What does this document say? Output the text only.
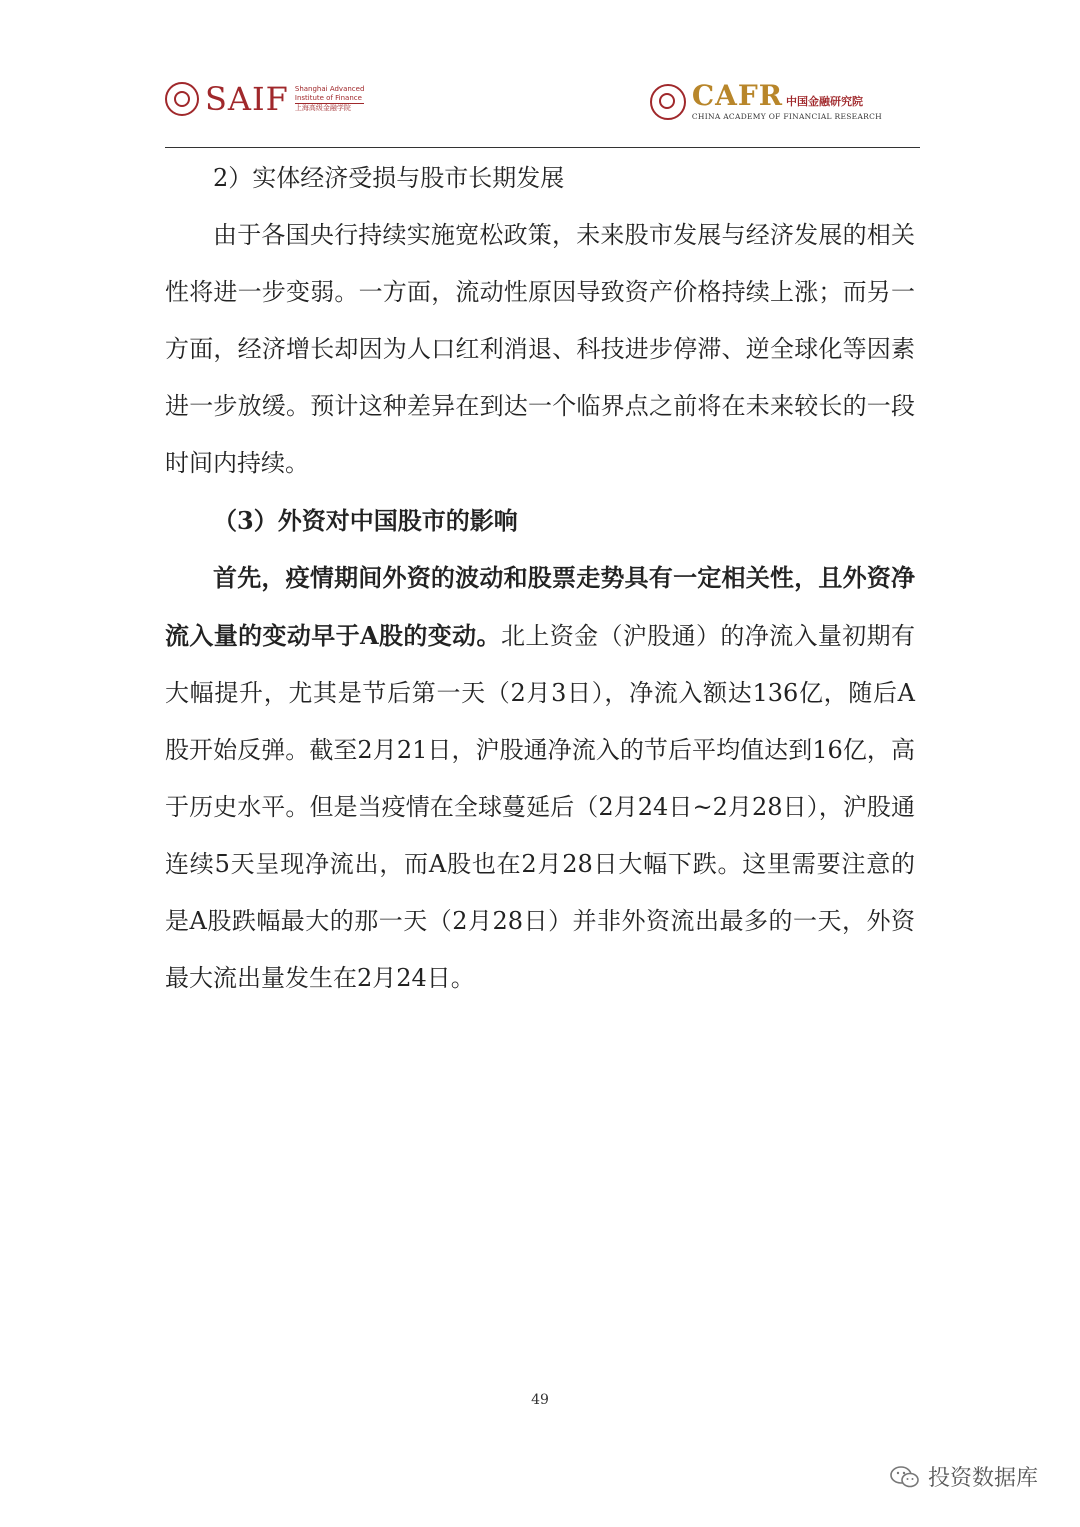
SAIF Shanghai Advanced
Institute of Finance
上海高级金融学院	CAFR 中国金融研究院
CHINA ACADEMY OF FINANCIAL RESEARCH
2）实体经济受损与股市长期发展

由于各国央行持续实施宽松政策，未来股市发展与经济发展的相关性将进一步变弱。一方面，流动性原因导致资产价格持续上涨；而另一方面，经济增长却因为人口红利消退、科技进步停滞、逆全球化等因素进一步放缓。预计这种差异在到达一个临界点之前将在未来较长的一段时间内持续。

（3）外资对中国股市的影响

首先，疫情期间外资的波动和股票走势具有一定相关性，且外资净流入量的变动早于A股的变动。北上资金（沪股通）的净流入量初期有大幅提升，尤其是节后第一天（2月3日），净流入额达136亿，随后A股开始反弹。截至2月21日，沪股通净流入的节后平均值达到16亿，高于历史水平。但是当疫情在全球蔓延后（2月24日~2月28日），沪股通连续5天呈现净流出，而A股也在2月28日大幅下跌。这里需要注意的是A股跌幅最大的那一天（2月28日）并非外资流出最多的一天，外资最大流出量发生在2月24日。

49
投资数据库
